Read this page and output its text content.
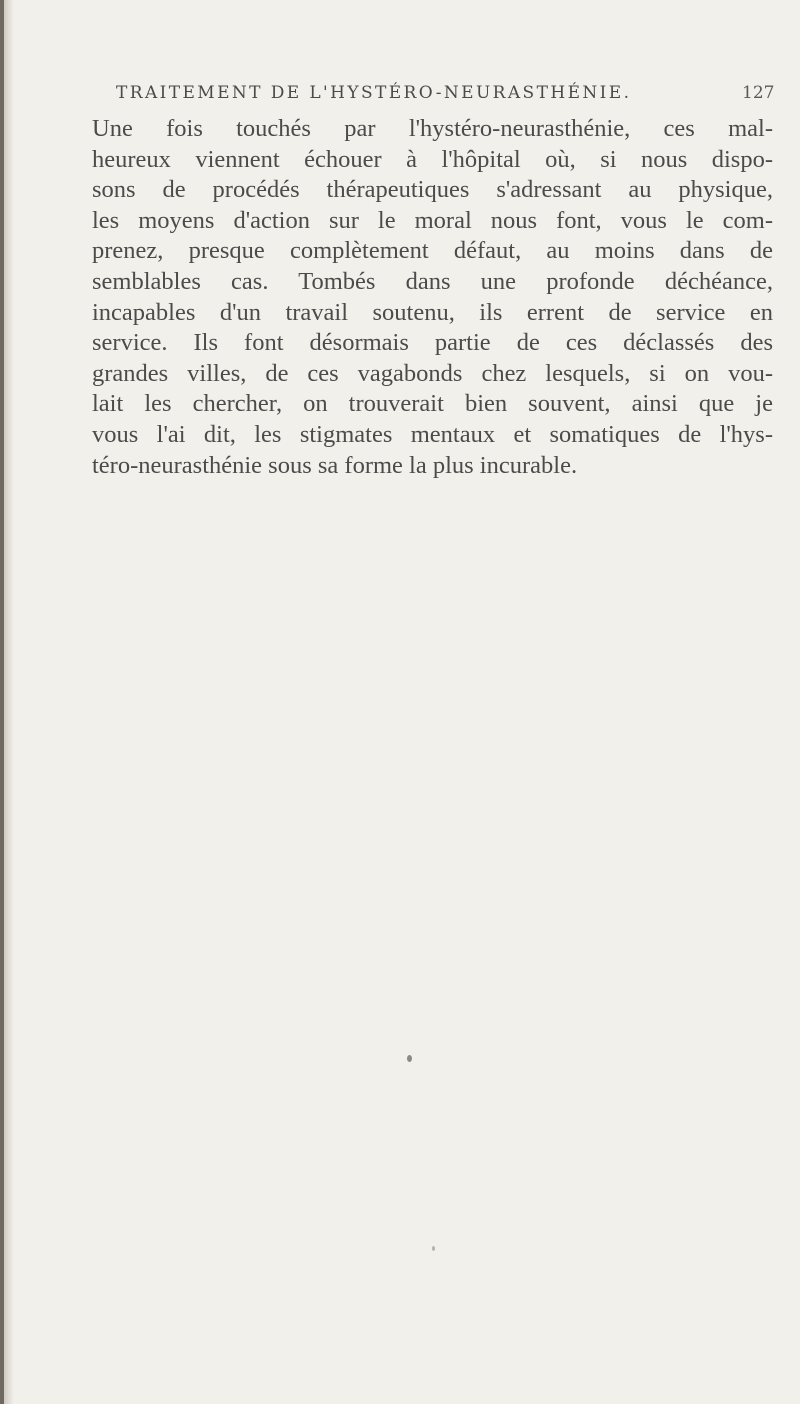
TRAITEMENT DE L'HYSTÉRO-NEURASTHÉNIE.	127
Une fois touchés par l'hystéro-neurasthénie, ces mal-
heureux viennent échouer à l'hôpital où, si nous dispo-
sons de procédés thérapeutiques s'adressant au physique,
les moyens d'action sur le moral nous font, vous le com-
prenez, presque complètement défaut, au moins dans de
semblables cas. Tombés dans une profonde déchéance,
incapables d'un travail soutenu, ils errent de service en
service. Ils font désormais partie de ces déclassés des
grandes villes, de ces vagabonds chez lesquels, si on vou-
lait les chercher, on trouverait bien souvent, ainsi que je
vous l'ai dit, les stigmates mentaux et somatiques de l'hys-
téro-neurasthénie sous sa forme la plus incurable.
